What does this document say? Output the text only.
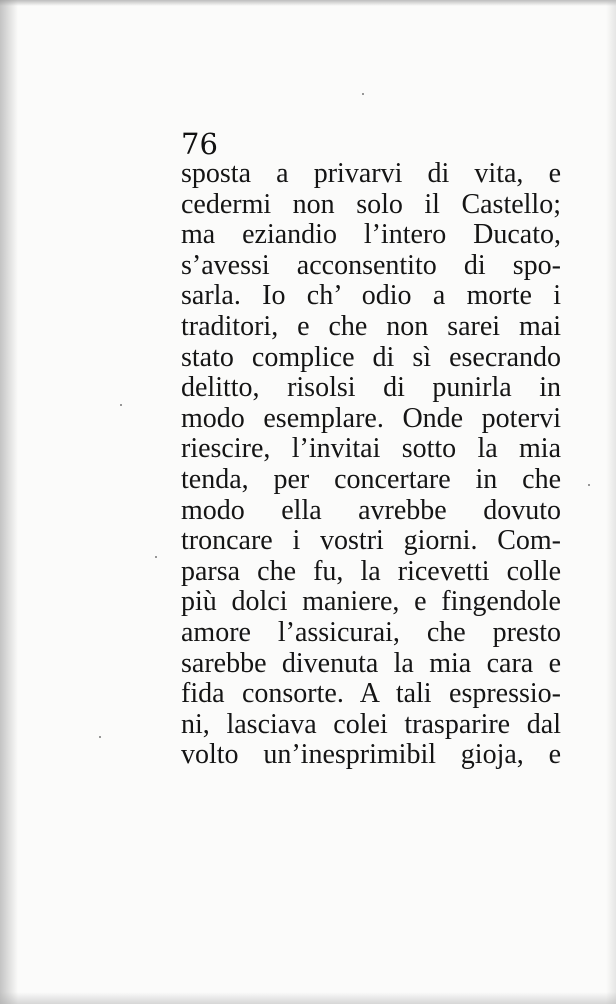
76
sposta a privarvi di vita, e
cedermi non solo il Castello;
ma eziandio l’intero Ducato,
s’avessi acconsentito di spo-
sarla. Io ch’ odio a morte i
traditori, e che non sarei mai
stato complice di sì esecrando
delitto, risolsi di punirla in
modo esemplare. Onde potervi
riescire, l’invitai sotto la mia
tenda, per concertare in che
modo ella avrebbe dovuto
troncare i vostri giorni. Com-
parsa che fu, la ricevetti colle
più dolci maniere, e fingendole
amore l’assicurai, che presto
sarebbe divenuta la mia cara e
fida consorte. A tali espressio-
ni, lasciava colei trasparire dal
volto un’inesprimibil gioja, e
